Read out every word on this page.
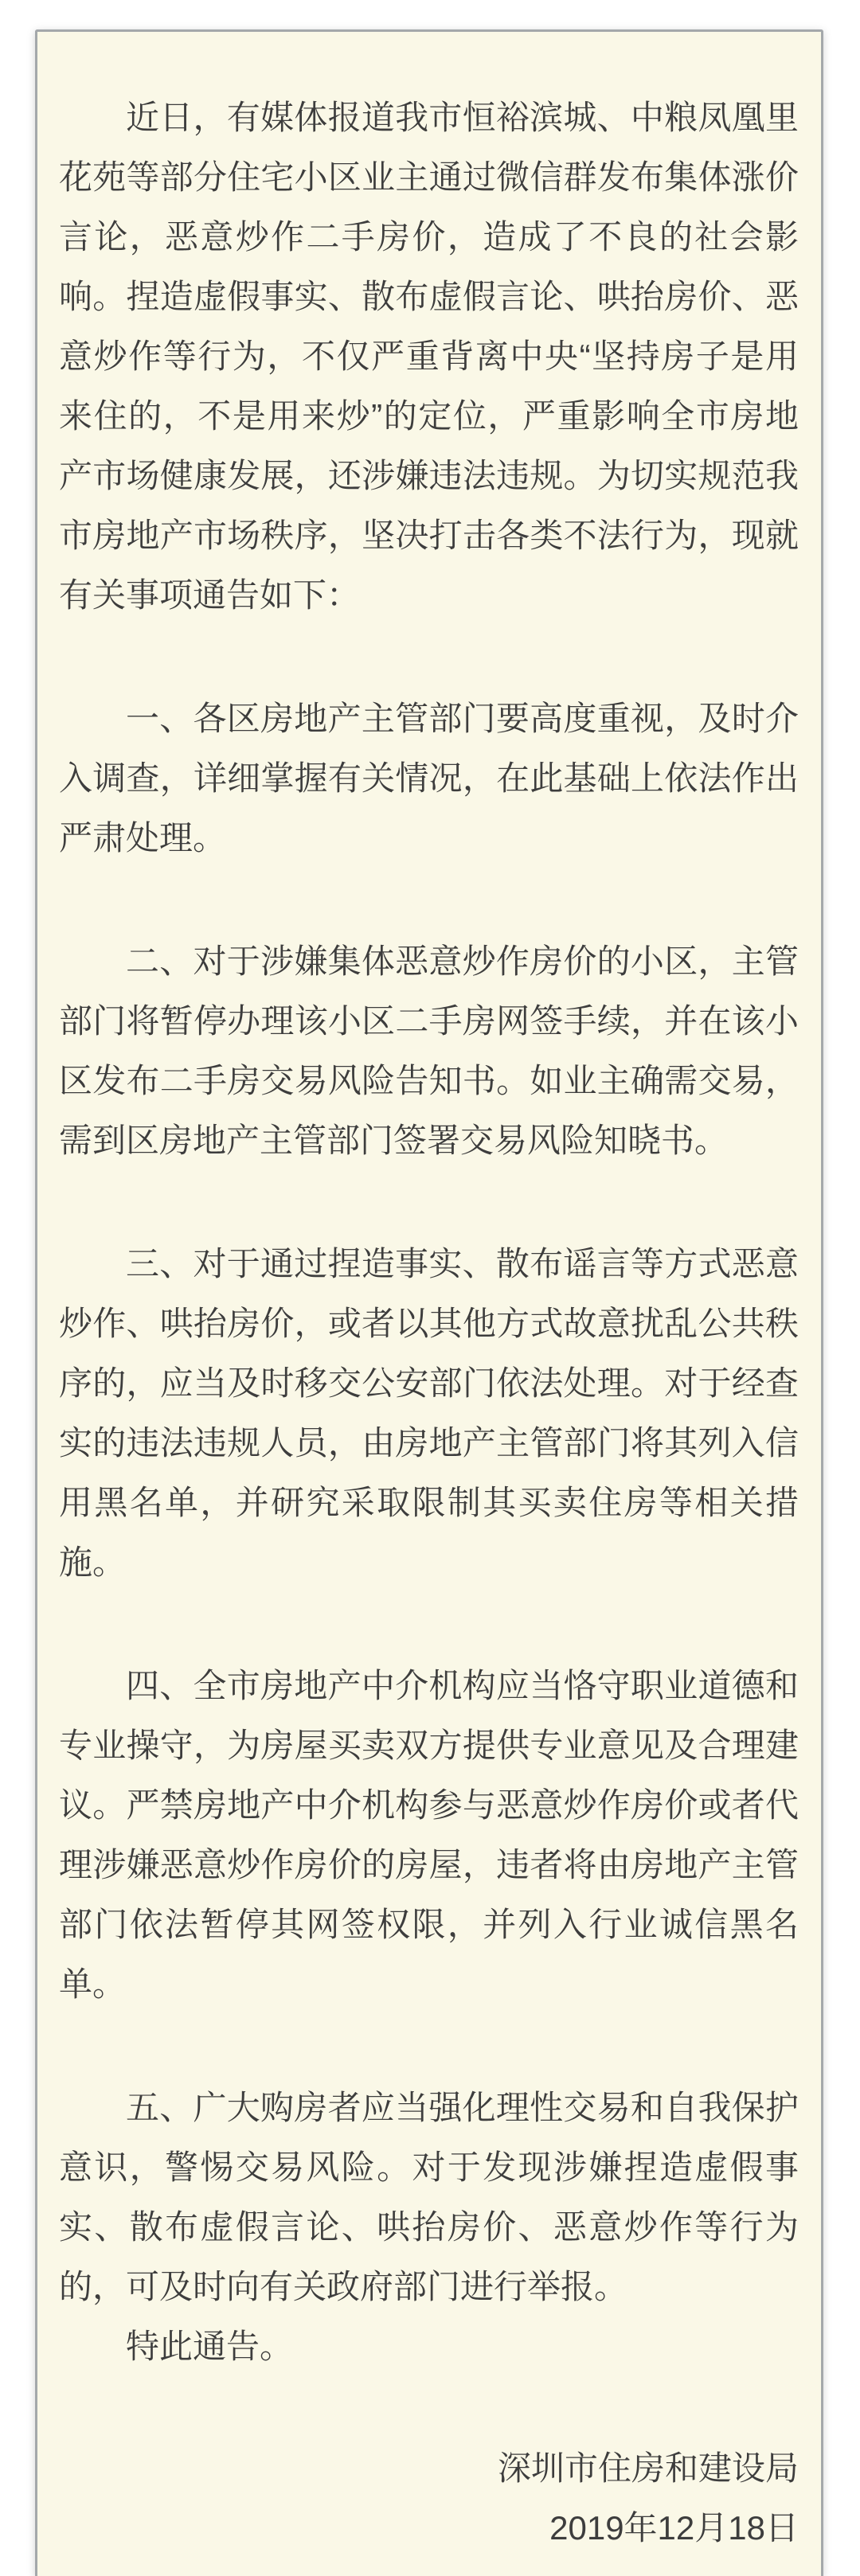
近日，有媒体报道我市恒裕滨城、中粮凤凰里花苑等部分住宅小区业主通过微信群发布集体涨价言论，恶意炒作二手房价，造成了不良的社会影响。捏造虚假事实、散布虚假言论、哄抬房价、恶意炒作等行为，不仅严重背离中央“坚持房子是用来住的，不是用来炒”的定位，严重影响全市房地产市场健康发展，还涉嫌违法违规。为切实规范我市房地产市场秩序，坚决打击各类不法行为，现就有关事项通告如下：

一、各区房地产主管部门要高度重视，及时介入调查，详细掌握有关情况，在此基础上依法作出严肃处理。

二、对于涉嫌集体恶意炒作房价的小区，主管部门将暂停办理该小区二手房网签手续，并在该小区发布二手房交易风险告知书。如业主确需交易，需到区房地产主管部门签署交易风险知晓书。

三、对于通过捏造事实、散布谣言等方式恶意炒作、哄抬房价，或者以其他方式故意扰乱公共秩序的，应当及时移交公安部门依法处理。对于经查实的违法违规人员，由房地产主管部门将其列入信用黑名单，并研究采取限制其买卖住房等相关措施。

四、全市房地产中介机构应当恪守职业道德和专业操守，为房屋买卖双方提供专业意见及合理建议。严禁房地产中介机构参与恶意炒作房价或者代理涉嫌恶意炒作房价的房屋，违者将由房地产主管部门依法暂停其网签权限，并列入行业诚信黑名单。

五、广大购房者应当强化理性交易和自我保护意识，警惕交易风险。对于发现涉嫌捏造虚假事实、散布虚假言论、哄抬房价、恶意炒作等行为的，可及时向有关政府部门进行举报。

特此通告。

深圳市住房和建设局
2019年12月18日
